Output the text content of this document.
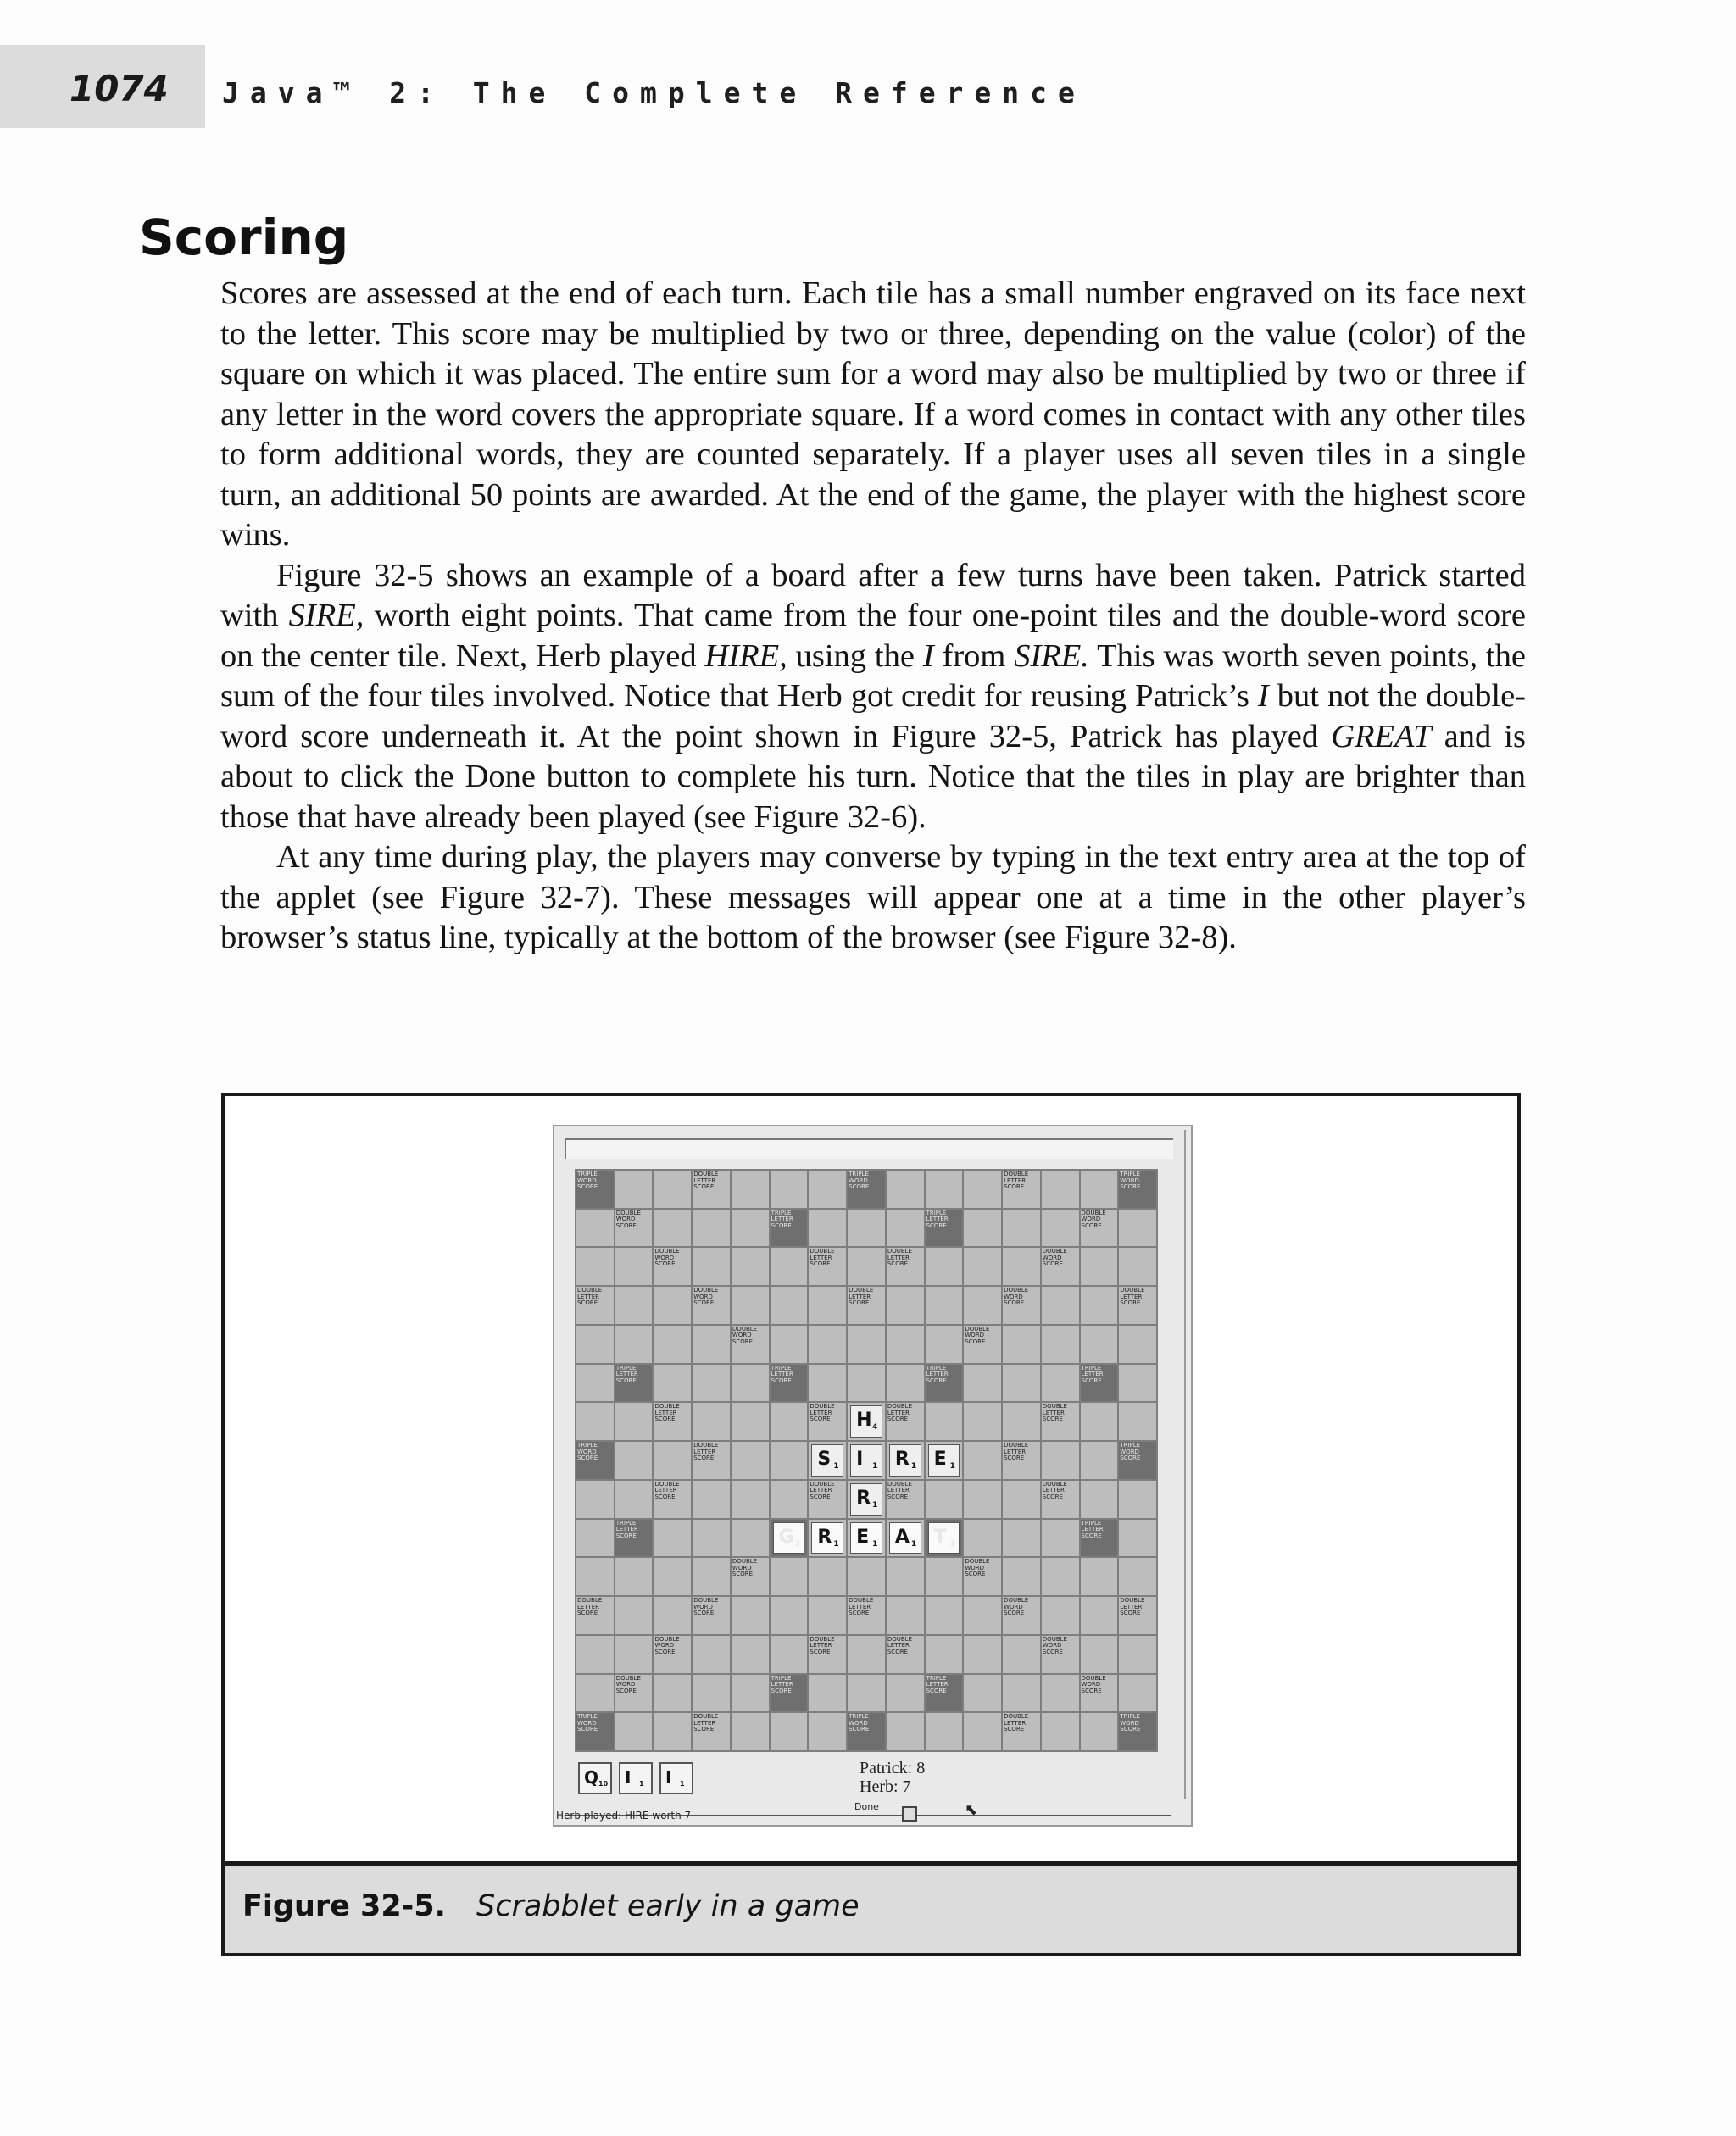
1074 Java™ 2: The Complete Reference
Scoring

Scores are assessed at the end of each turn. Each tile has a small number engraved on its face next to the letter. This score may be multiplied by two or three, depending on the value (color) of the square on which it was placed. The entire sum for a word may also be multiplied by two or three if any letter in the word covers the appropriate square. If a word comes in contact with any other tiles to form additional words, they are counted separately. If a player uses all seven tiles in a single turn, an additional 50 points are awarded. At the end of the game, the player with the highest score wins.

Figure 32-5 shows an example of a board after a few turns have been taken. Patrick started with SIRE, worth eight points. That came from the four one-point tiles and the double-word score on the center tile. Next, Herb played HIRE, using the I from SIRE. This was worth seven points, the sum of the four tiles involved. Notice that Herb got credit for reusing Patrick’s I but not the double-word score underneath it. At the point shown in Figure 32-5, Patrick has played GREAT and is about to click the Done button to complete his turn. Notice that the tiles in play are brighter than those that have already been played (see Figure 32-6).

At any time during play, the players may converse by typing in the text entry area at the top of the applet (see Figure 32-7). These messages will appear one at a time in the other player’s browser’s status line, typically at the bottom of the browser (see Figure 32-8).

TRIPLE WORD SCORE
DOUBLE LETTER SCORE
TRIPLE WORD SCORE
DOUBLE LETTER SCORE
TRIPLE WORD SCORE
DOUBLE WORD SCORE
TRIPLE LETTER SCORE
TRIPLE LETTER SCORE
DOUBLE WORD SCORE
DOUBLE WORD SCORE
DOUBLE LETTER SCORE
DOUBLE LETTER SCORE
DOUBLE WORD SCORE
DOUBLE LETTER SCORE
DOUBLE WORD SCORE
DOUBLE LETTER SCORE
DOUBLE WORD SCORE
DOUBLE LETTER SCORE
DOUBLE WORD SCORE
DOUBLE WORD SCORE
TRIPLE LETTER SCORE
TRIPLE LETTER SCORE
TRIPLE LETTER SCORE
TRIPLE LETTER SCORE
DOUBLE LETTER SCORE
DOUBLE LETTER SCORE	H 4
DOUBLE LETTER SCORE
DOUBLE LETTER SCORE
TRIPLE WORD SCORE
DOUBLE LETTER SCORE	S 1 I 1 R 1 E 1
DOUBLE LETTER SCORE
TRIPLE WORD SCORE
DOUBLE LETTER SCORE
DOUBLE LETTER SCORE	R 1
DOUBLE LETTER SCORE
DOUBLE LETTER SCORE
TRIPLE LETTER SCORE	G 2 R 1 E 1 A 1 T 1
TRIPLE LETTER SCORE
DOUBLE WORD SCORE
DOUBLE WORD SCORE
DOUBLE LETTER SCORE
DOUBLE WORD SCORE
DOUBLE LETTER SCORE
DOUBLE WORD SCORE
DOUBLE LETTER SCORE
DOUBLE WORD SCORE
DOUBLE LETTER SCORE
DOUBLE LETTER SCORE
DOUBLE WORD SCORE
DOUBLE WORD SCORE
TRIPLE LETTER SCORE
TRIPLE LETTER SCORE
DOUBLE WORD SCORE
TRIPLE WORD SCORE
DOUBLE LETTER SCORE
TRIPLE WORD SCORE
DOUBLE LETTER SCORE
TRIPLE WORD SCORE
Q 10 I 1 I 1
Patrick: 8
Herb: 7
Done	⬉
Herb played: HIRE worth 7
Figure 32-5. Scrabblet early in a game
